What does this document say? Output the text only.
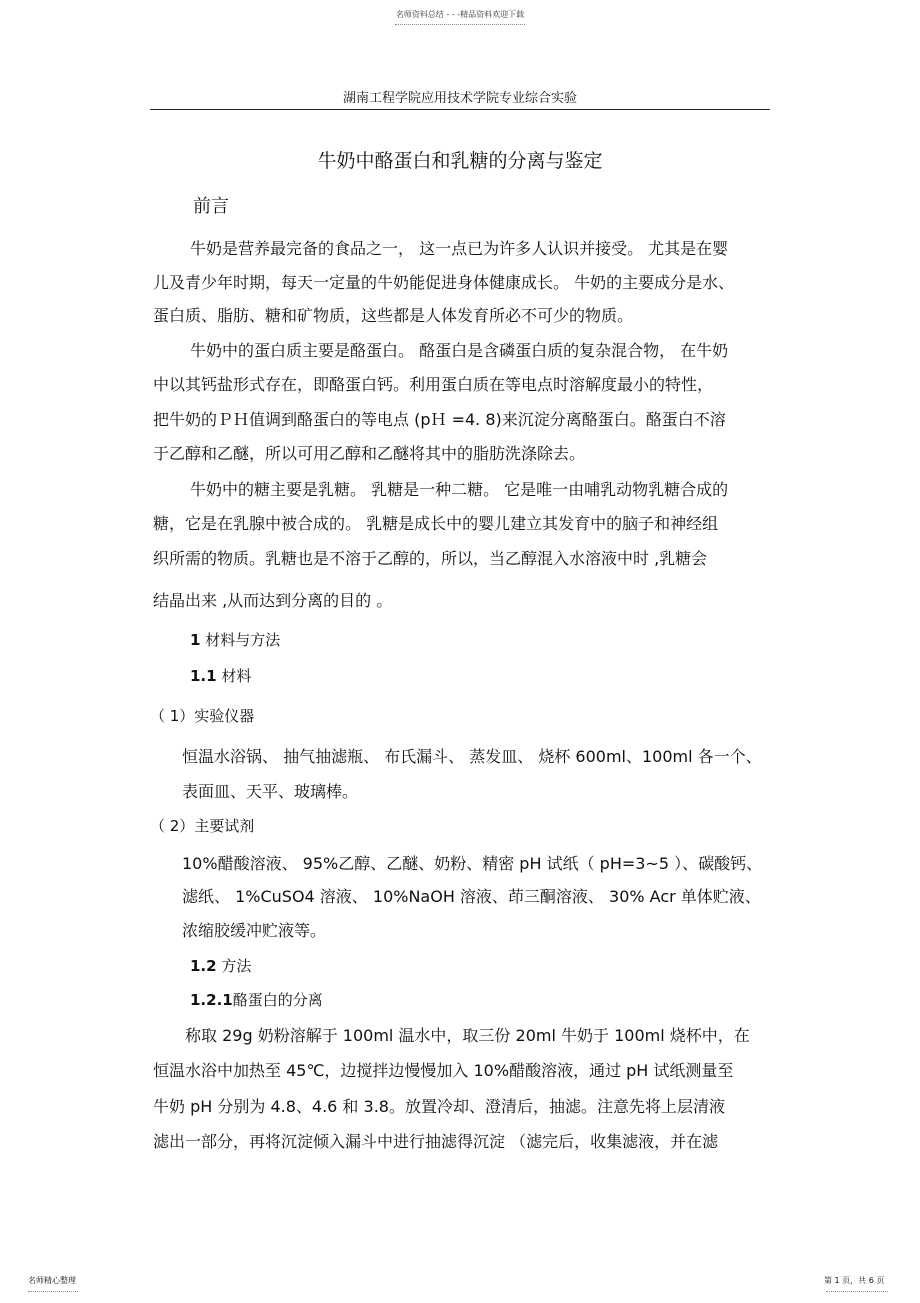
名师资料总结 - - -精品资料欢迎下载
湖南工程学院应用技术学院专业综合实验
牛奶中酪蛋白和乳糖的分离与鉴定
前言
牛奶是营养最完备的食品之一， 这一点已为许多人认识并接受。 尤其是在婴
儿及青少年时期，每天一定量的牛奶能促进身体健康成长。 牛奶的主要成分是水、
蛋白质、脂肪、糖和矿物质，这些都是人体发育所必不可少的物质。
牛奶中的蛋白质主要是酪蛋白。 酪蛋白是含磷蛋白质的复杂混合物， 在牛奶
中以其钙盐形式存在，即酪蛋白钙。利用蛋白质在等电点时溶解度最小的特性，
把牛奶的ＰＨ值调到酪蛋白的等电点 (pＨ =4. 8)来沉淀分离酪蛋白。酪蛋白不溶
于乙醇和乙醚，所以可用乙醇和乙醚将其中的脂肪洗涤除去。
牛奶中的糖主要是乳糖。 乳糖是一种二糖。 它是唯一由哺乳动物乳糖合成的
糖，它是在乳腺中被合成的。 乳糖是成长中的婴儿建立其发育中的脑子和神经组
织所需的物质。乳糖也是不溶于乙醇的，所以，当乙醇混入水溶液中时 ,乳糖会
结晶出来 ,从而达到分离的目的 。
1 材料与方法
1.1 材料
（ 1）实验仪器
恒温水浴锅、 抽气抽滤瓶、 布氏漏斗、 蒸发皿、 烧杯 600ml、100ml 各一个、
表面皿、天平、玻璃棒。
（ 2）主要试剂
10%醋酸溶液、 95%乙醇、乙醚、奶粉、精密 pH 试纸（ pH=3~5 ）、碳酸钙、
滤纸、 1%CuSO4 溶液、 10%NaOH 溶液、茚三酮溶液、 30% Acr 单体贮液、
浓缩胶缓冲贮液等。
1.2 方法
1.2.1酪蛋白的分离
称取 29g 奶粉溶解于 100ml 温水中，取三份 20ml 牛奶于 100ml 烧杯中，在
恒温水浴中加热至 45℃，边搅拌边慢慢加入 10%醋酸溶液，通过 pH 试纸测量至
牛奶 pH 分别为 4.8、4.6 和 3.8。放置冷却、澄清后，抽滤。注意先将上层清液
滤出一部分，再将沉淀倾入漏斗中进行抽滤得沉淀 （滤完后，收集滤液，并在滤
名师精心整理	第 1 页，共 6 页
